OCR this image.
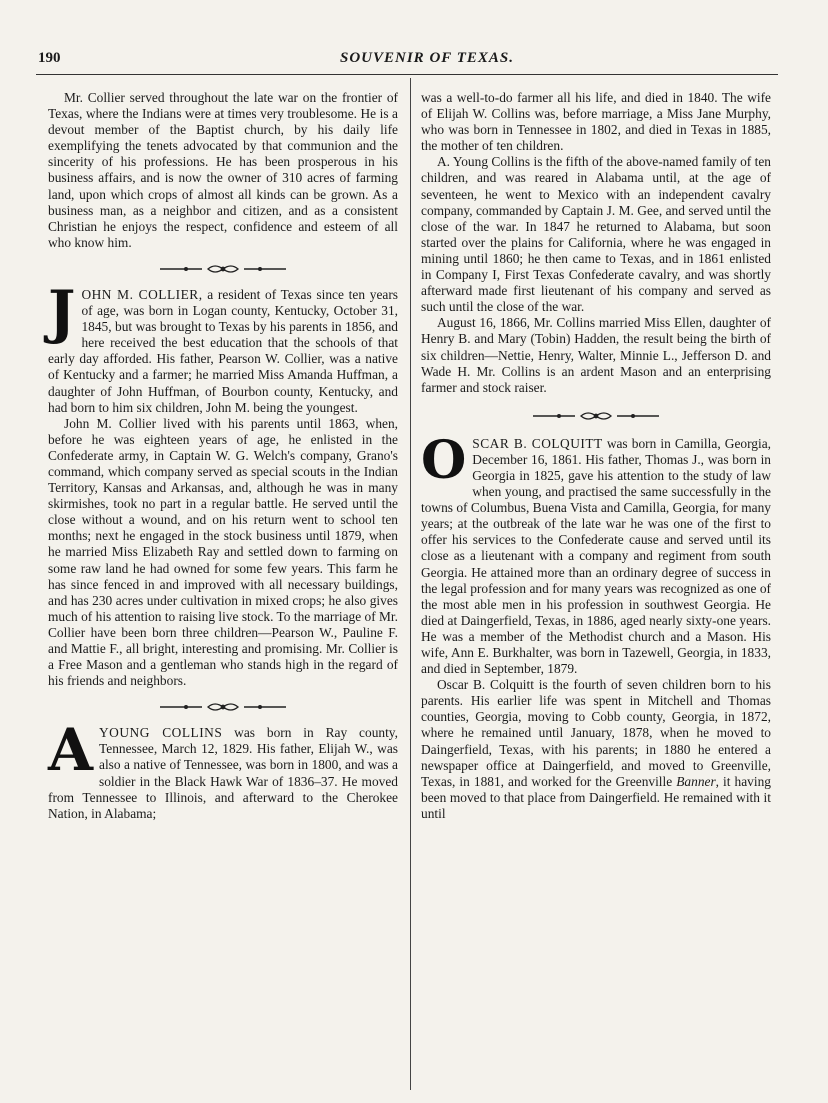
190	SOUVENIR OF TEXAS.

Mr. Collier served throughout the late war on the frontier of Texas, where the Indians were at times very troublesome. He is a devout member of the Baptist church, by his daily life exemplifying the tenets advocated by that communion and the sincerity of his professions. He has been prosperous in his business affairs, and is now the owner of 310 acres of farming land, upon which crops of almost all kinds can be grown. As a business man, as a neighbor and citizen, and as a consistent Christian he enjoys the respect, confidence and esteem of all who know him.

JOHN M. COLLIER, a resident of Texas since ten years of age, was born in Logan county, Kentucky, October 31, 1845, but was brought to Texas by his parents in 1856, and here received the best education that the schools of that early day afforded. His father, Pearson W. Collier, was a native of Kentucky and a farmer; he married Miss Amanda Huffman, a daughter of John Huffman, of Bourbon county, Kentucky, and had born to him six children, John M. being the youngest.

John M. Collier lived with his parents until 1863, when, before he was eighteen years of age, he enlisted in the Confederate army, in Captain W. G. Welch's company, Grano's command, which company served as special scouts in the Indian Territory, Kansas and Arkansas, and, although he was in many skirmishes, took no part in a regular battle. He served until the close without a wound, and on his return went to school ten months; next he engaged in the stock business until 1879, when he married Miss Elizabeth Ray and settled down to farming on some raw land he had owned for some few years. This farm he has since fenced in and improved with all necessary buildings, and has 230 acres under cultivation in mixed crops; he also gives much of his attention to raising live stock. To the marriage of Mr. Collier have been born three children—Pearson W., Pauline F. and Mattie F., all bright, interesting and promising. Mr. Collier is a Free Mason and a gentleman who stands high in the regard of his friends and neighbors.

A YOUNG COLLINS was born in Ray county, Tennessee, March 12, 1829. His father, Elijah W., was also a native of Tennessee, was born in 1800, and was a soldier in the Black Hawk War of 1836–37. He moved from Tennessee to Illinois, and afterward to the Cherokee Nation, in Alabama;

was a well-to-do farmer all his life, and died in 1840. The wife of Elijah W. Collins was, before marriage, a Miss Jane Murphy, who was born in Tennessee in 1802, and died in Texas in 1885, the mother of ten children.

A. Young Collins is the fifth of the above-named family of ten children, and was reared in Alabama until, at the age of seventeen, he went to Mexico with an independent cavalry company, commanded by Captain J. M. Gee, and served until the close of the war. In 1847 he returned to Alabama, but soon started over the plains for California, where he was engaged in mining until 1860; he then came to Texas, and in 1861 enlisted in Company I, First Texas Confederate cavalry, and was shortly afterward made first lieutenant of his company and served as such until the close of the war.

August 16, 1866, Mr. Collins married Miss Ellen, daughter of Henry B. and Mary (Tobin) Hadden, the result being the birth of six children—Nettie, Henry, Walter, Minnie L., Jefferson D. and Wade H. Mr. Collins is an ardent Mason and an enterprising farmer and stock raiser.

OSCAR B. COLQUITT was born in Camilla, Georgia, December 16, 1861. His father, Thomas J., was born in Georgia in 1825, gave his attention to the study of law when young, and practised the same successfully in the towns of Columbus, Buena Vista and Camilla, Georgia, for many years; at the outbreak of the late war he was one of the first to offer his services to the Confederate cause and served until its close as a lieutenant with a company and regiment from south Georgia. He attained more than an ordinary degree of success in the legal profession and for many years was recognized as one of the most able men in his profession in southwest Georgia. He died at Daingerfield, Texas, in 1886, aged nearly sixty-one years. He was a member of the Methodist church and a Mason. His wife, Ann E. Burkhalter, was born in Tazewell, Georgia, in 1833, and died in September, 1879.

Oscar B. Colquitt is the fourth of seven children born to his parents. His earlier life was spent in Mitchell and Thomas counties, Georgia, moving to Cobb county, Georgia, in 1872, where he remained until January, 1878, when he moved to Daingerfield, Texas, with his parents; in 1880 he entered a newspaper office at Daingerfield, and moved to Greenville, Texas, in 1881, and worked for the Greenville Banner, it having been moved to that place from Daingerfield. He remained with it until
